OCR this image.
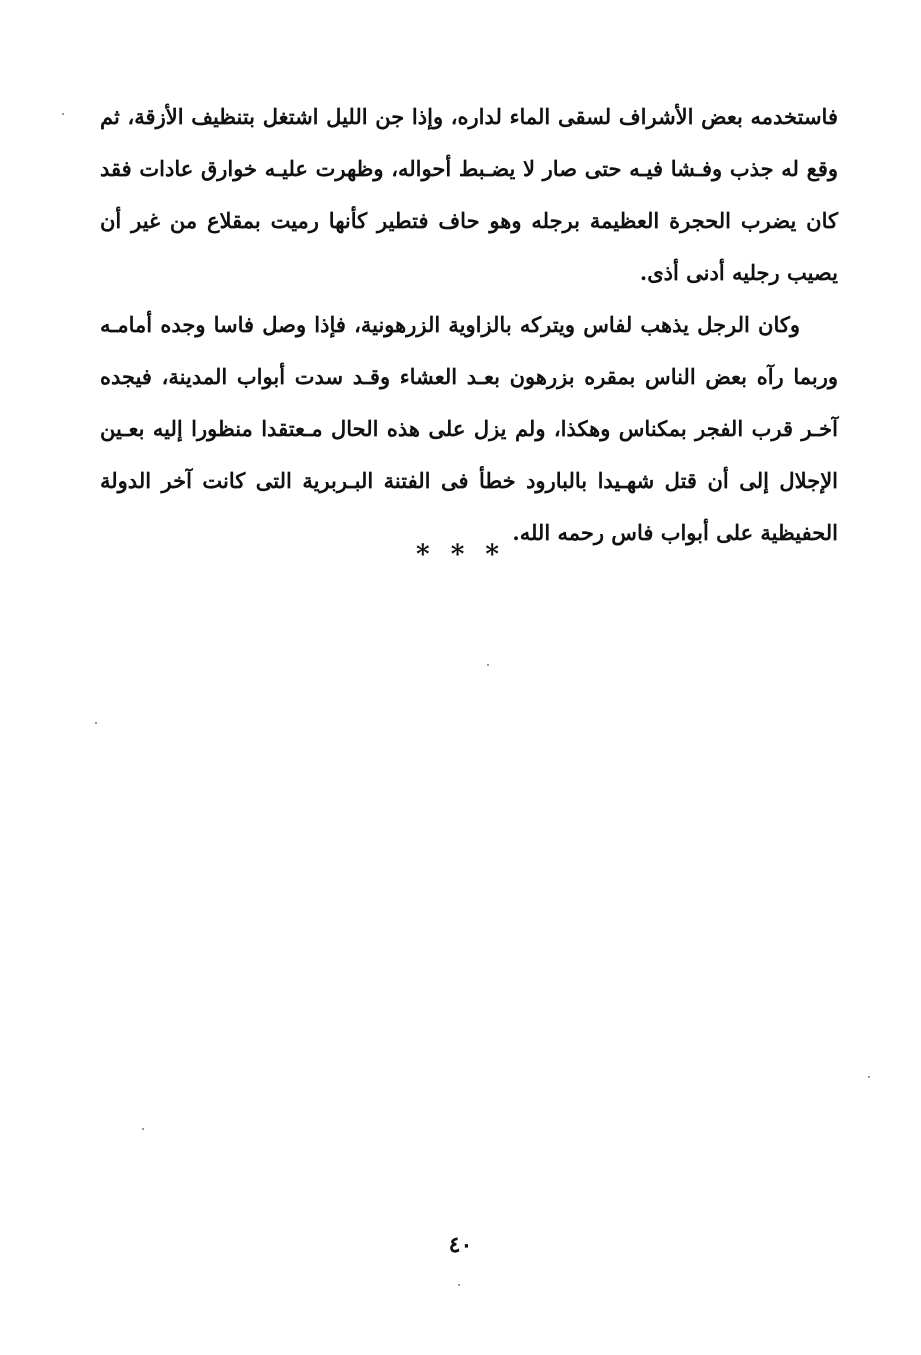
فاستخدمه بعض الأشراف لسقى الماء لداره، وإذا جن الليل اشتغل بتنظيف الأزقة، ثم وقع له جذب وفـشا فيـه حتى صار لا يضـبط أحواله، وظهرت عليـه خوارق عادات فقد كان يضرب الحجرة العظيمة برجله وهو حاف فتطير كأنها رميت بمقلاع من غير أن يصيب رجليه أدنى أذى.

وكان الرجل يذهب لفاس ويتركه بالزاوية الزرهونية، فإذا وصل فاسا وجده أمامـه وربما رآه بعض الناس بمقره بزرهون بعـد العشاء وقـد سدت أبواب المدينة، فيجده آخـر قرب الفجر بمكناس وهكذا، ولم يزل على هذه الحال مـعتقدا منظورا إليه بعـين الإجلال إلى أن قتل شهـيدا بالبارود خطأ فى الفتنة البـربرية التى كانت آخر الدولة الحفيظية على أبواب فاس رحمه الله.

* * *
٤٠
